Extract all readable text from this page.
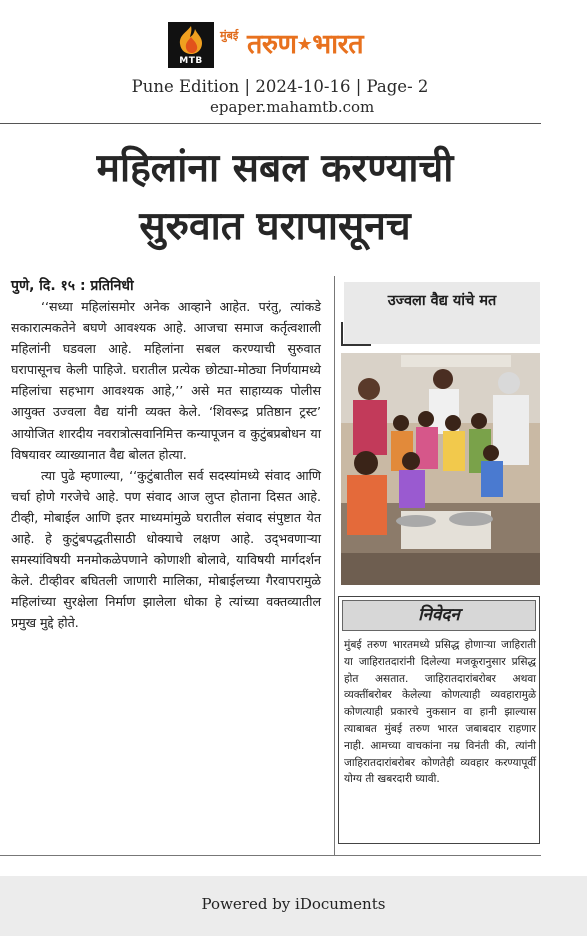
MTB
मुंबई तरुण★भारत
Pune Edition | 2024-10-16 | Page- 2
epaper.mahamtb.com
महिलांना सबल करण्याची
सुरुवात घरापासूनच
पुणे, दि. १५ : प्रतिनिधी

‘‘सध्या महिलांसमोर अनेक आव्हाने आहेत. परंतु, त्यांकडे सकारात्मकतेने बघणे आवश्यक आहे. आजचा समाज कर्तृत्वशाली महिलांनी घडवला आहे. महिलांना सबल करण्याची सुरुवात घरापासूनच केली पाहिजे. घरातील प्रत्येक छोट्या-मोठ्या निर्णयामध्ये महिलांचा सहभाग आवश्यक आहे,’’ असे मत साहाय्यक पोलीस आयुक्त उज्वला वैद्य यांनी व्यक्त केले. ‘शिवरूद्र प्रतिष्ठान ट्रस्ट’ आयोजित शारदीय नवरात्रोत्सवानिमित्त कन्यापूजन व कुटुंबप्रबोधन या विषयावर व्याख्यानात वैद्य बोलत होत्या.

त्या पुढे म्हणाल्या, ‘‘कुटुंबातील सर्व सदस्यांमध्ये संवाद आणि चर्चा होणे गरजेचे आहे. पण संवाद आज लुप्त होताना दिसत आहे. टीव्ही, मोबाईल आणि इतर माध्यमांमुळे घरातील संवाद संपुष्टात येत आहे. हे कुटुंबपद्धतीसाठी धोक्याचे लक्षण आहे. उद्‌भवणाऱ्या समस्यांविषयी मनमोकळेपणाने कोणाशी बोलावे, याविषयी मार्गदर्शन केले. टीव्हीवर बघितली जाणारी मालिका, मोबाईलच्या गैरवापरामुळे महिलांच्या सुरक्षेला निर्माण झालेला धोका हे त्यांच्या वक्तव्यातील प्रमुख मुद्दे होते.

उज्वला वैद्य यांचे मत
निवेदन
मुंबई तरुण भारतमध्ये प्रसिद्ध होणाऱ्या जाहिराती या जाहिरातदारांनी दिलेल्या मजकूरानुसार प्रसिद्ध होत असतात. जाहिरातदारांबरोबर अथवा व्यक्तींबरोबर केलेल्या कोणत्याही व्यवहारामुळे कोणत्याही प्रकारचे नुकसान वा हानी झाल्यास त्याबाबत मुंबई तरुण भारत जबाबदार राहणार नाही. आमच्या वाचकांना नम्र विनंती की, त्यांनी जाहिरातदारांबरोबर कोणतेही व्यवहार करण्यापूर्वी योग्य ती खबरदारी घ्यावी.
Powered by iDocuments
